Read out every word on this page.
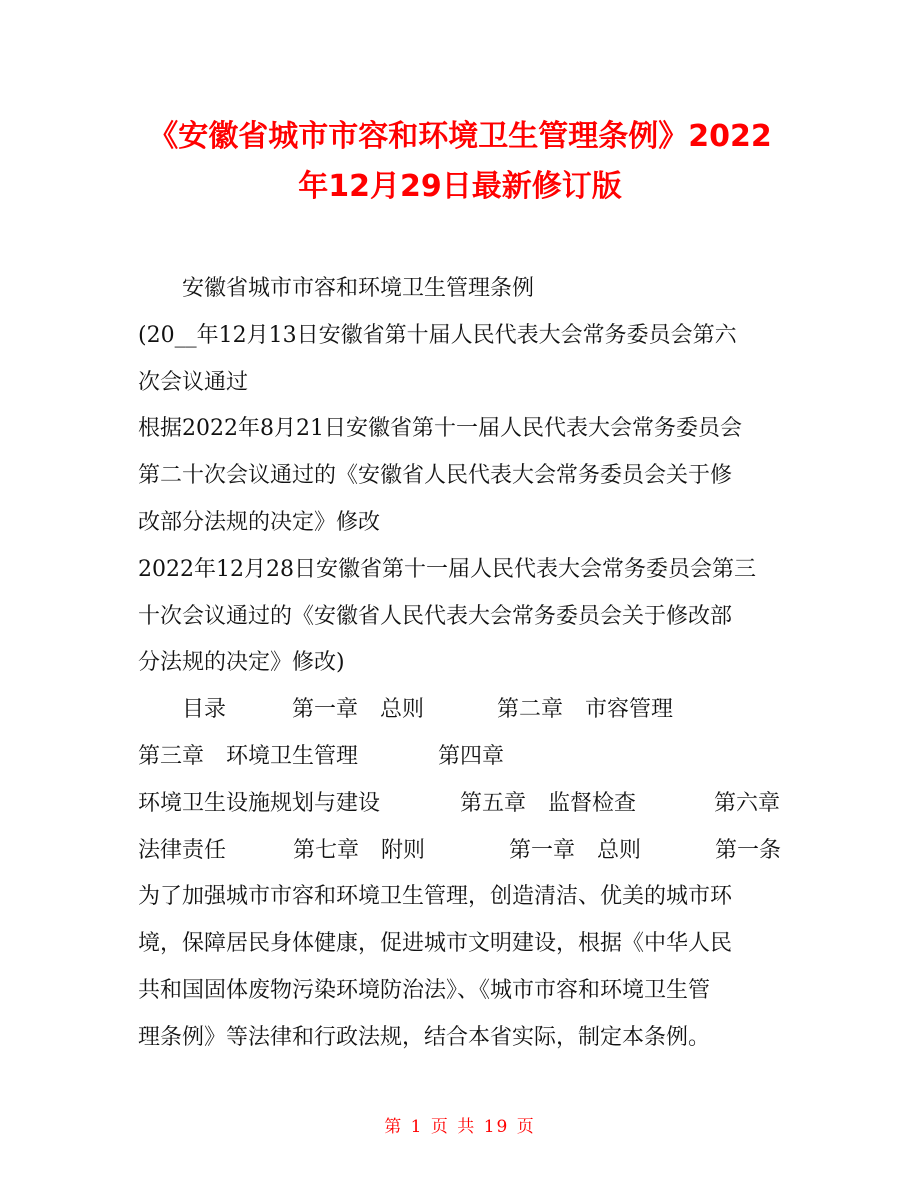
《安徽省城市市容和环境卫生管理条例》2022
年12月29日最新修订版
安徽省城市市容和环境卫生管理条例
(20__年12月13日安徽省第十届人民代表大会常务委员会第六
次会议通过
根据2022年8月21日安徽省第十一届人民代表大会常务委员会
第二十次会议通过的《安徽省人民代表大会常务委员会关于修
改部分法规的决定》修改
2022年12月28日安徽省第十一届人民代表大会常务委员会第三
十次会议通过的《安徽省人民代表大会常务委员会关于修改部
分法规的决定》修改)
目录	第一章　总则	第二章　市容管理
第三章　环境卫生管理	第四章
环境卫生设施规划与建设	第五章　监督检查	第六章
法律责任	第七章　附则	第一章　总则	第一条
为了加强城市市容和环境卫生管理，创造清洁、优美的城市环
境，保障居民身体健康，促进城市文明建设，根据《中华人民
共和国固体废物污染环境防治法》、《城市市容和环境卫生管
理条例》等法律和行政法规，结合本省实际，制定本条例。
第 1 页 共 19 页
